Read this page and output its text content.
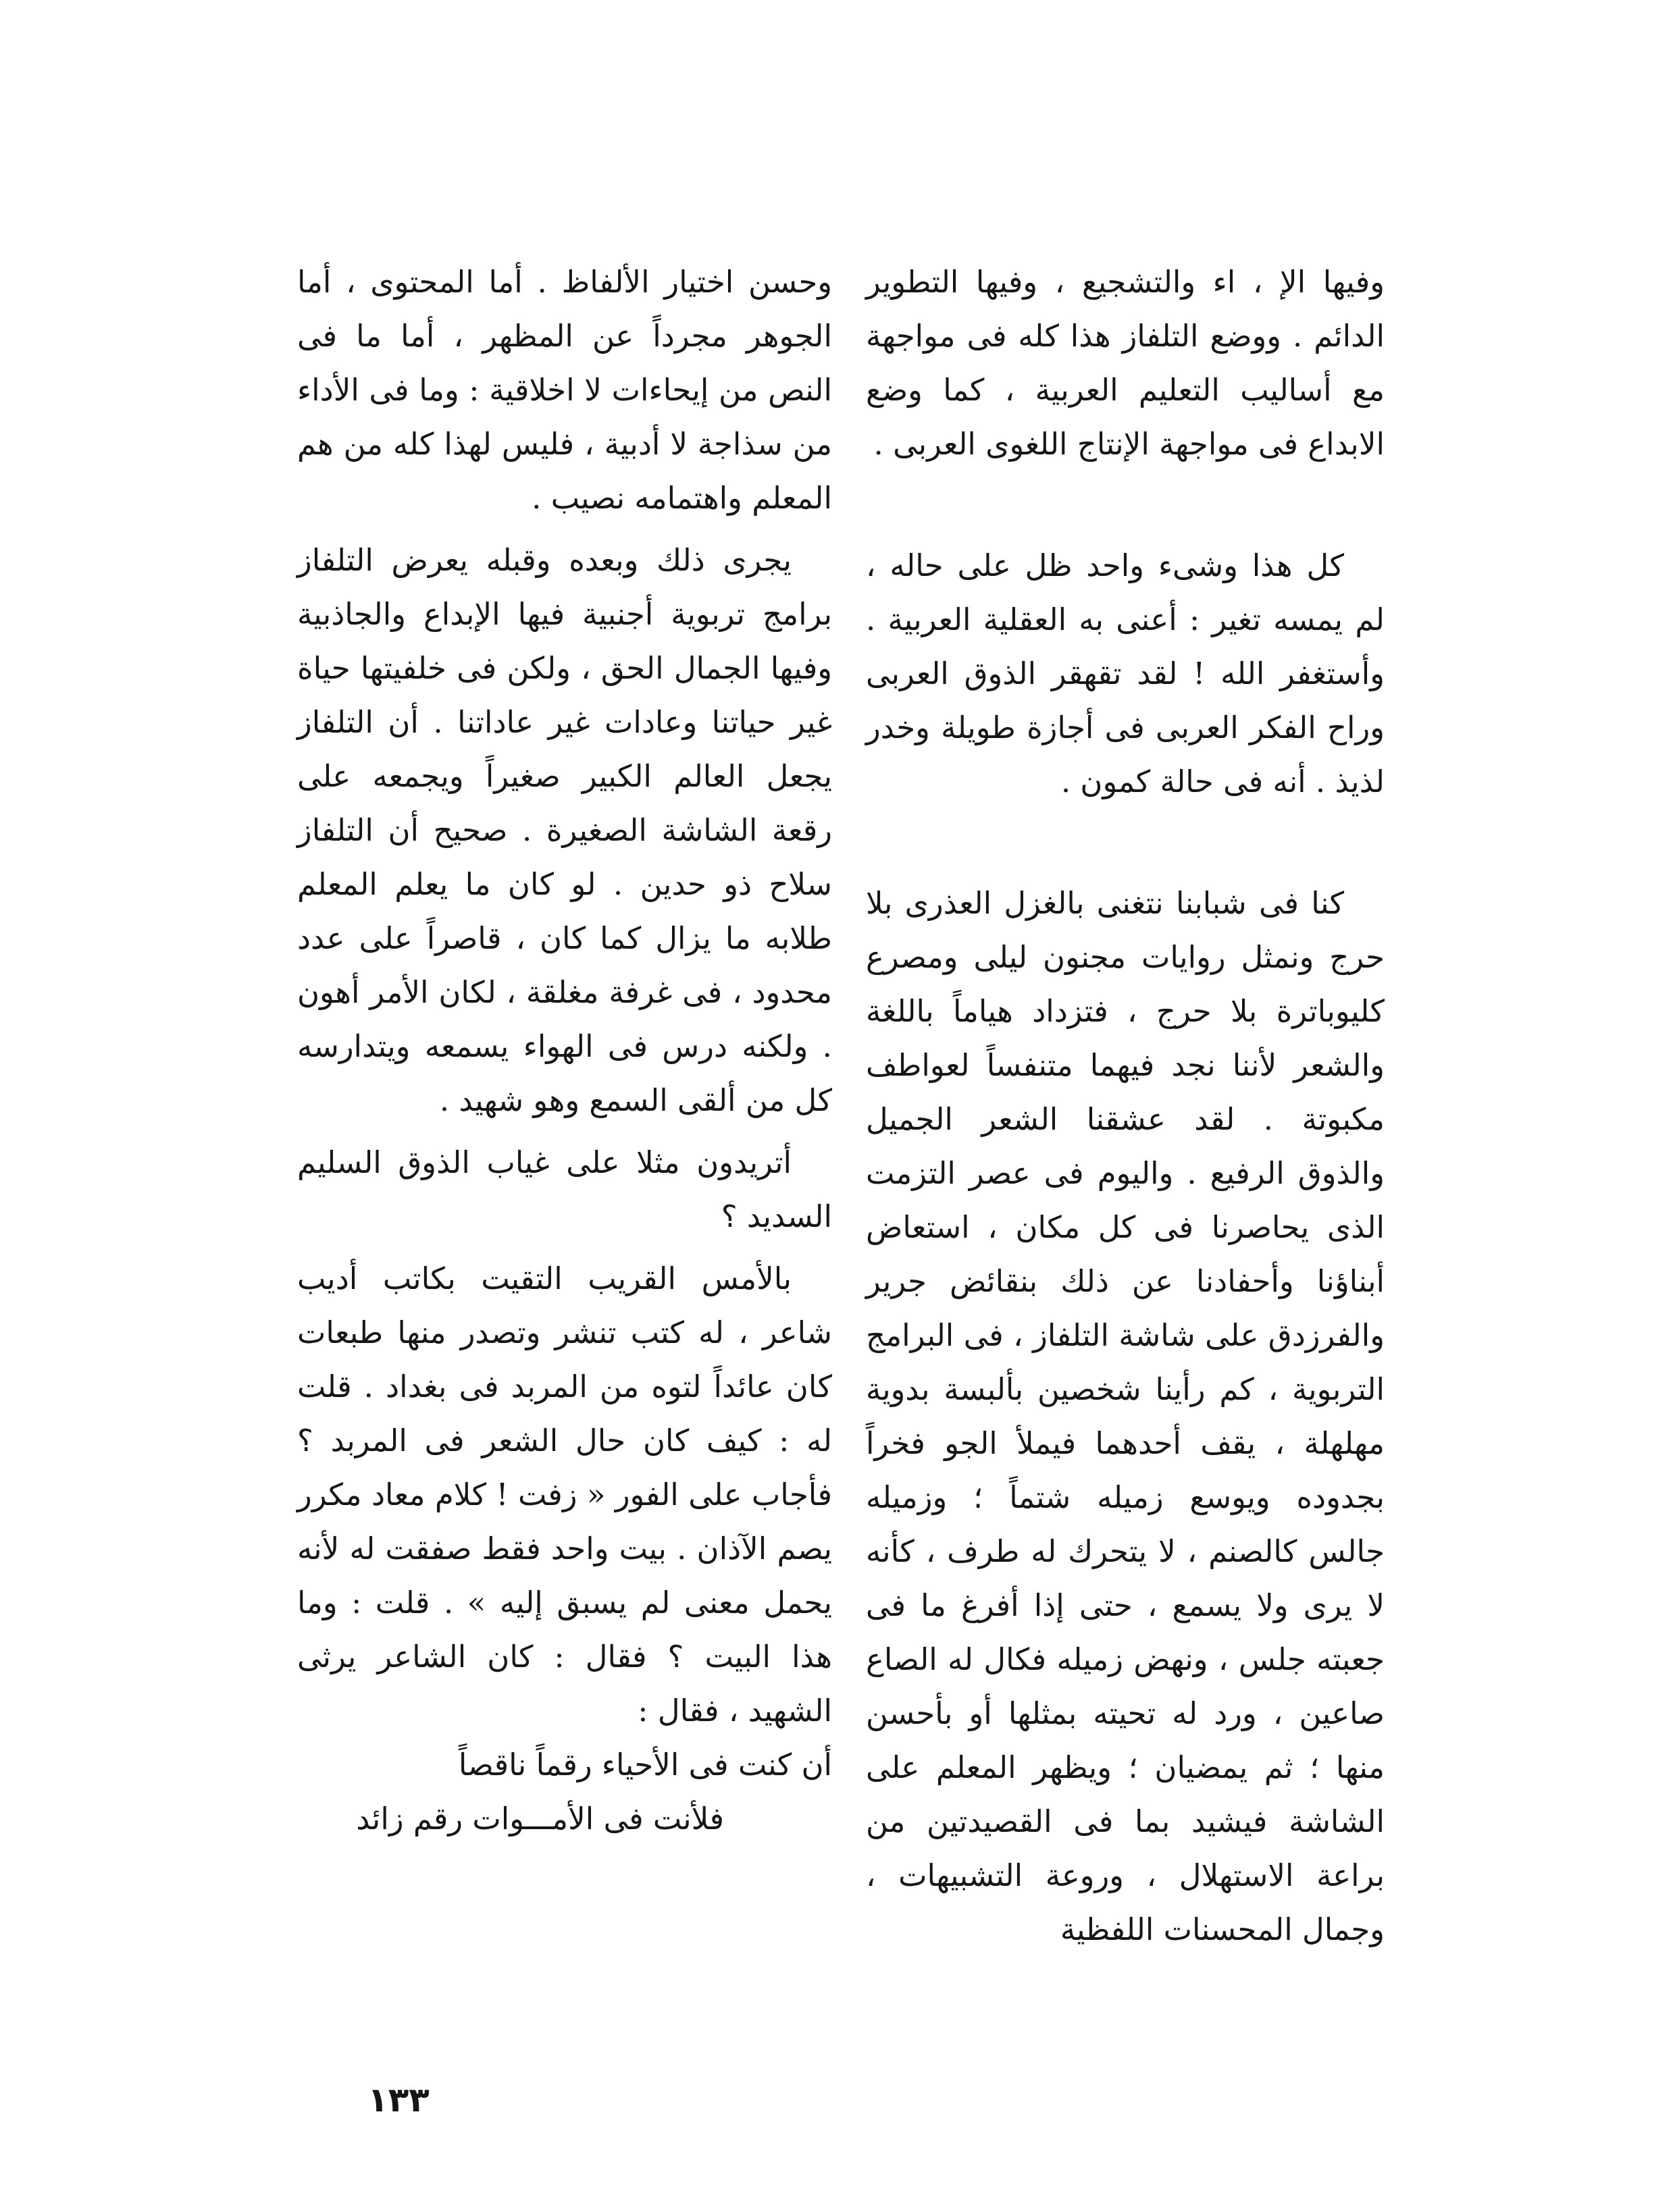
وفيها الإ ، اء والتشجيع ، وفيها التطوير الدائم . ووضع التلفاز هذا كله فى مواجهة مع أساليب التعليم العربية ، كما وضع الابداع فى مواجهة الإنتاج اللغوى العربى .

كل هذا وشىء واحد ظل على حاله ، لم يمسه تغير : أعنى به العقلية العربية . وأستغفر الله ! لقد تقهقر الذوق العربى وراح الفكر العربى فى أجازة طويلة وخدر لذيذ . أنه فى حالة كمون .

كنا فى شبابنا نتغنى بالغزل العذرى بلا حرج ونمثل روايات مجنون ليلى ومصرع كليوباترة بلا حرج ، فتزداد هياماً باللغة والشعر لأننا نجد فيهما متنفساً لعواطف مكبوتة . لقد عشقنا الشعر الجميل والذوق الرفيع . واليوم فى عصر التزمت الذى يحاصرنا فى كل مكان ، استعاض أبناؤنا وأحفادنا عن ذلك بنقائض جرير والفرزدق على شاشة التلفاز ، فى البرامج التربوية ، كم رأينا شخصين بألبسة بدوية مهلهلة ، يقف أحدهما فيملأ الجو فخراً بجدوده ويوسع زميله شتماً ؛ وزميله جالس كالصنم ، لا يتحرك له طرف ، كأنه لا يرى ولا يسمع ، حتى إذا أفرغ ما فى جعبته جلس ، ونهض زميله فكال له الصاع صاعين ، ورد له تحيته بمثلها أو بأحسن منها ؛ ثم يمضيان ؛ ويظهر المعلم على الشاشة فيشيد بما فى القصيدتين من براعة الاستهلال ، وروعة التشبيهات ، وجمال المحسنات اللفظية

وحسن اختيار الألفاظ . أما المحتوى ، أما الجوهر مجرداً عن المظهر ، أما ما فى النص من إيحاءات لا اخلاقية : وما فى الأداء من سذاجة لا أدبية ، فليس لهذا كله من هم المعلم واهتمامه نصيب .

يجرى ذلك وبعده وقبله يعرض التلفاز برامج تربوية أجنبية فيها الإبداع والجاذبية وفيها الجمال الحق ، ولكن فى خلفيتها حياة غير حياتنا وعادات غير عاداتنا . أن التلفاز يجعل العالم الكبير صغيراً ويجمعه على رقعة الشاشة الصغيرة . صحيح أن التلفاز سلاح ذو حدين . لو كان ما يعلم المعلم طلابه ما يزال كما كان ، قاصراً على عدد محدود ، فى غرفة مغلقة ، لكان الأمر أهون . ولكنه درس فى الهواء يسمعه ويتدارسه كل من ألقى السمع وهو شهيد .

أتريدون مثلا على غياب الذوق السليم السديد ؟

بالأمس القريب التقيت بكاتب أديب شاعر ، له كتب تنشر وتصدر منها طبعات كان عائداً لتوه من المربد فى بغداد . قلت له : كيف كان حال الشعر فى المربد ؟ فأجاب على الفور « زفت ! كلام معاد مكرر يصم الآذان . بيت واحد فقط صفقت له لأنه يحمل معنى لم يسبق إليه » . قلت : وما هذا البيت ؟ فقال : كان الشاعر يرثى الشهيد ، فقال :

أن كنت فى الأحياء رقماً ناقصاً

فلأنت فى الأمـــوات رقم زائد

١٣٣
